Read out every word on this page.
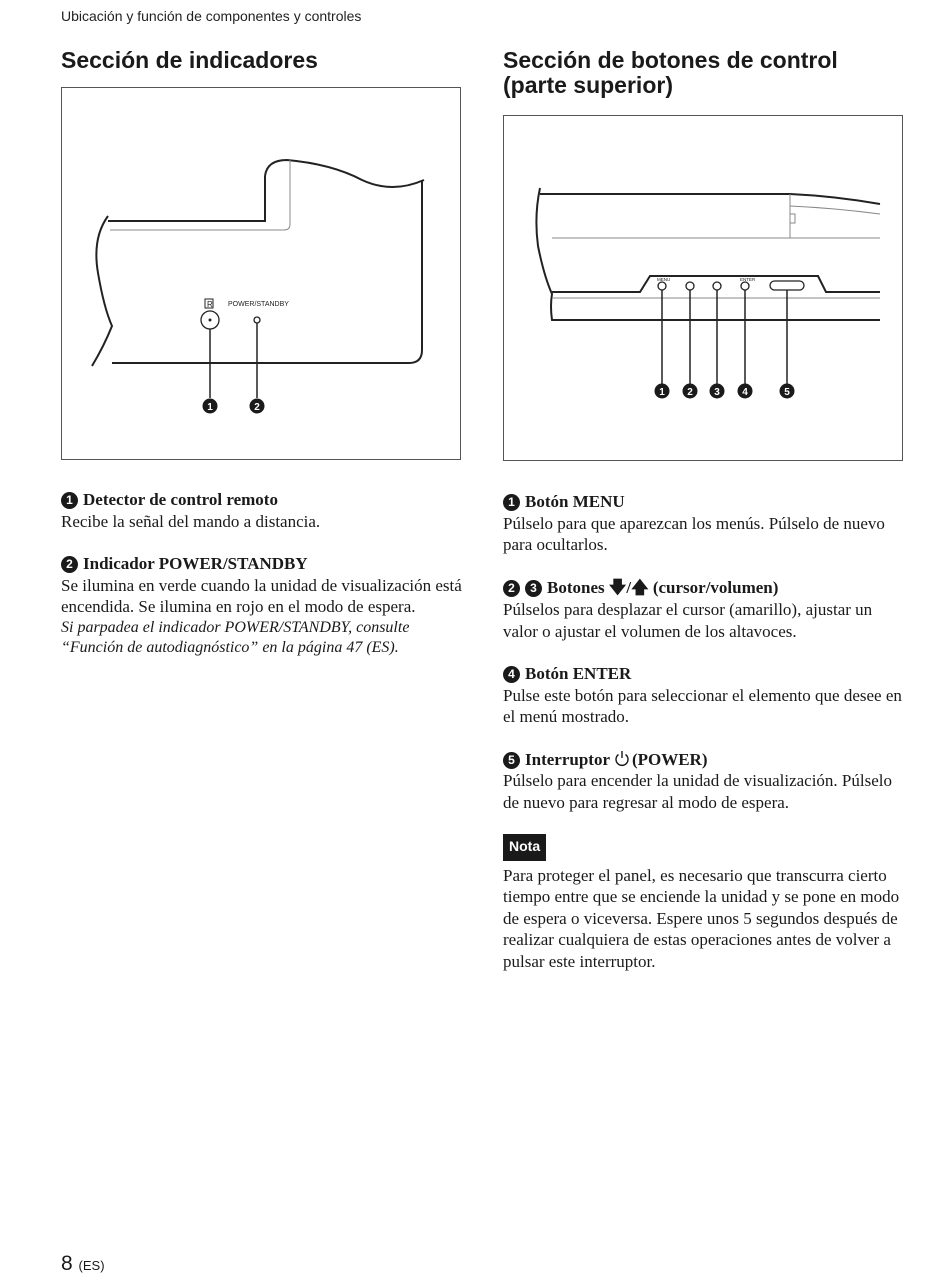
Ubicación y función de componentes y controles
Sección de indicadores
R POWER/STANDBY
1	2
Sección de botones de control
(parte superior)
MENU	ENTER
1 2 3 4	5
1 Detector de control remoto
Recibe la señal del mando a distancia.
2 Indicador POWER/STANDBY
Se ilumina en verde cuando la unidad de visualización está encendida. Se ilumina en rojo en el modo de espera.
Si parpadea el indicador POWER/STANDBY, consulte “Función de autodiagnóstico” en la página 47 (ES).
1 Botón MENU
Púlselo para que aparezcan los menús. Púlselo de nuevo para ocultarlos.
2 3 Botones 🡇/🡅 (cursor/volumen)
Púlselos para desplazar el cursor (amarillo), ajustar un valor o ajustar el volumen de los altavoces.
4 Botón ENTER
Pulse este botón para seleccionar el elemento que desee en el menú mostrado.
5 Interruptor (POWER)
Púlselo para encender la unidad de visualización. Púlselo de nuevo para regresar al modo de espera.
Nota
Para proteger el panel, es necesario que transcurra cierto tiempo entre que se enciende la unidad y se pone en modo de espera o viceversa. Espere unos 5 segundos después de realizar cualquiera de estas operaciones antes de volver a pulsar este interruptor.
8 (ES)
